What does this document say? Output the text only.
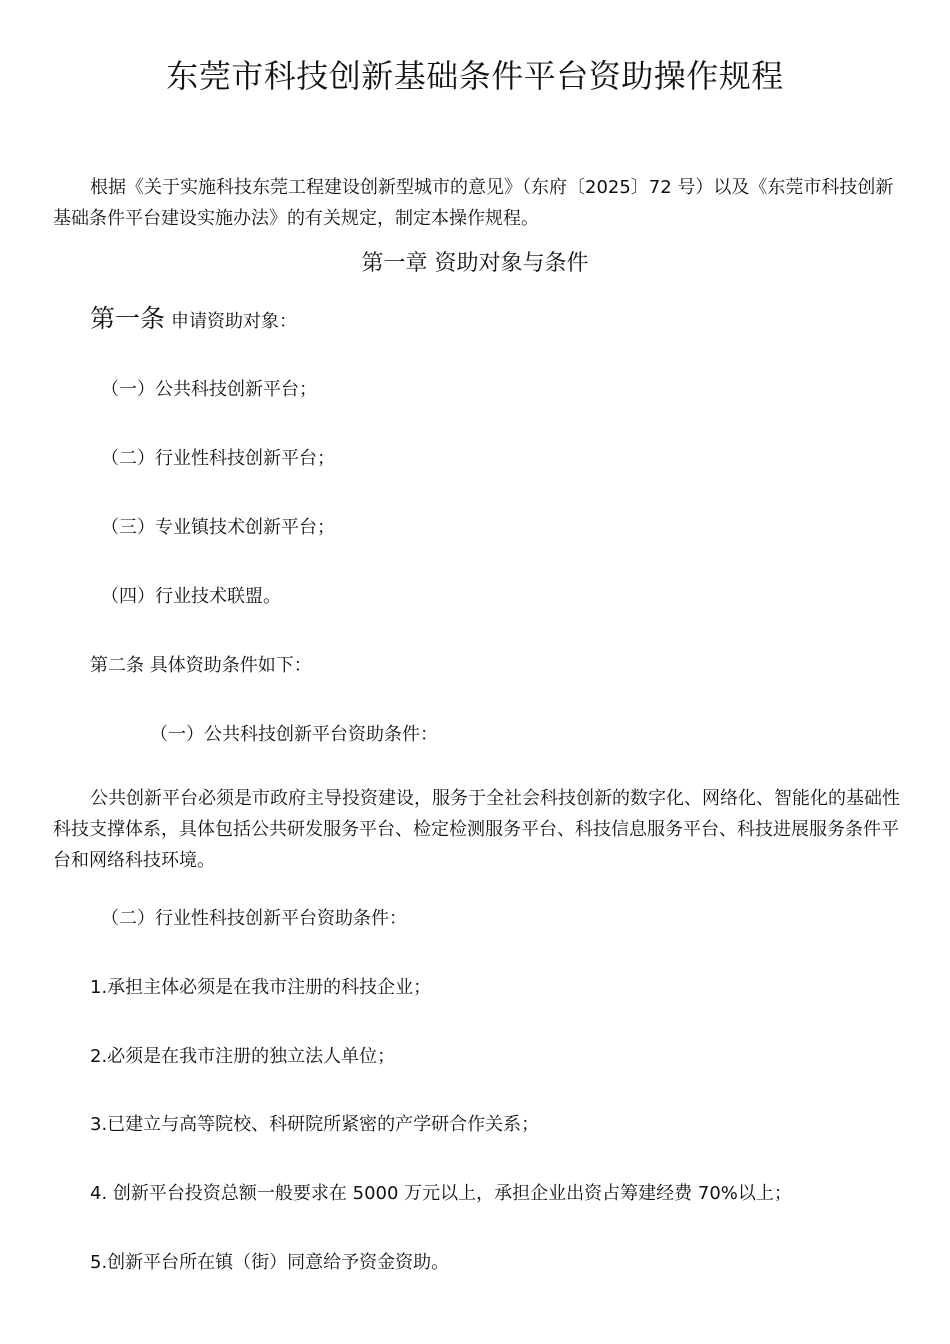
东莞市科技创新基础条件平台资助操作规程

根据《关于实施科技东莞工程建设创新型城市的意见》（东府〔2025〕72 号）以及《东莞市科技创新基础条件平台建设实施办法》的有关规定，制定本操作规程。

第一章 资助对象与条件

第一条 申请资助对象：

（一）公共科技创新平台；

（二）行业性科技创新平台；

（三）专业镇技术创新平台；

（四）行业技术联盟。

第二条 具体资助条件如下：

（一）公共科技创新平台资助条件：

公共创新平台必须是市政府主导投资建设，服务于全社会科技创新的数字化、网络化、智能化的基础性科技支撑体系，具体包括公共研发服务平台、检定检测服务平台、科技信息服务平台、科技进展服务条件平台和网络科技环境。

（二）行业性科技创新平台资助条件：

1.承担主体必须是在我市注册的科技企业；

2.必须是在我市注册的独立法人单位；

3.已建立与高等院校、科研院所紧密的产学研合作关系；

4. 创新平台投资总额一般要求在 5000 万元以上，承担企业出资占筹建经费 70%以上；

5.创新平台所在镇（街）同意给予资金资助。
